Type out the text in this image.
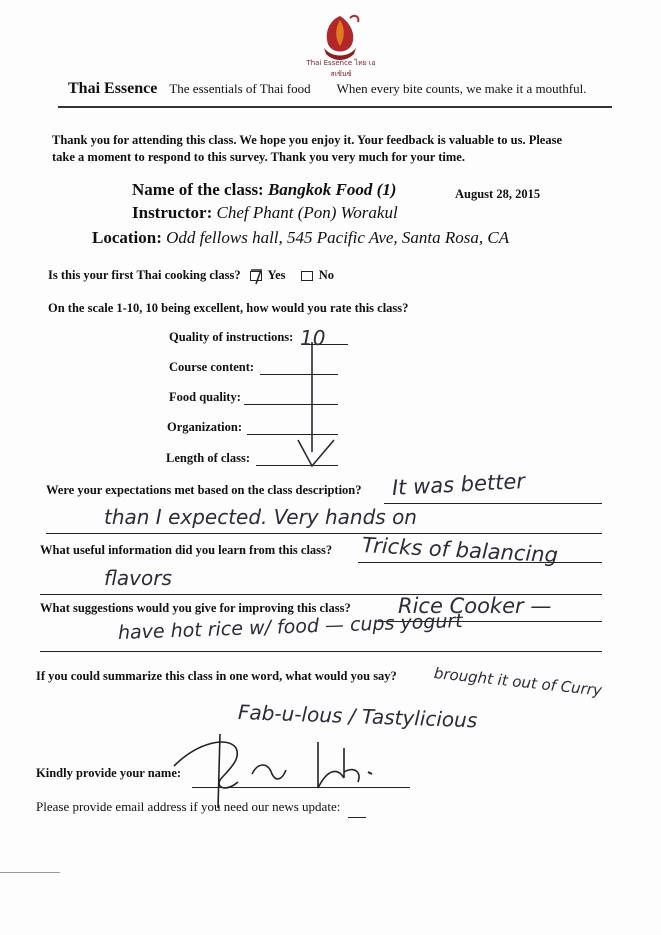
Thai Essence ไทย เอสเซ้นซ์
Thai Essence The essentials of Thai food When every bite counts, we make it a mouthful.
Thank you for attending this class. We hope you enjoy it. Your feedback is valuable to us. Please
take a moment to respond to this survey. Thank you very much for your time.
Name of the class: Bangkok Food (1)	August 28, 2015
Instructor: Chef Phant (Pon) Worakul
Location: Odd fellows hall, 545 Pacific Ave, Santa Rosa, CA
Is this your first Thai cooking class? Yes	No
On the scale 1-10, 10 being excellent, how would you rate this class?
Quality of instructions:
Course content:
Food quality:
Organization:
Length of class:
10
Were your expectations met based on the class description? It was better
than I expected. Very hands on
What useful information did you learn from this class? Tricks of balancing
flavors
What suggestions would you give for improving this class? Rice Cooker —
have hot rice w/ food — cups yogurt
If you could summarize this class in one word, what would you say? brought it out of Curry
Fab-u-lous / Tastylicious
Kindly provide your name:
Please provide email address if you need our news update:
